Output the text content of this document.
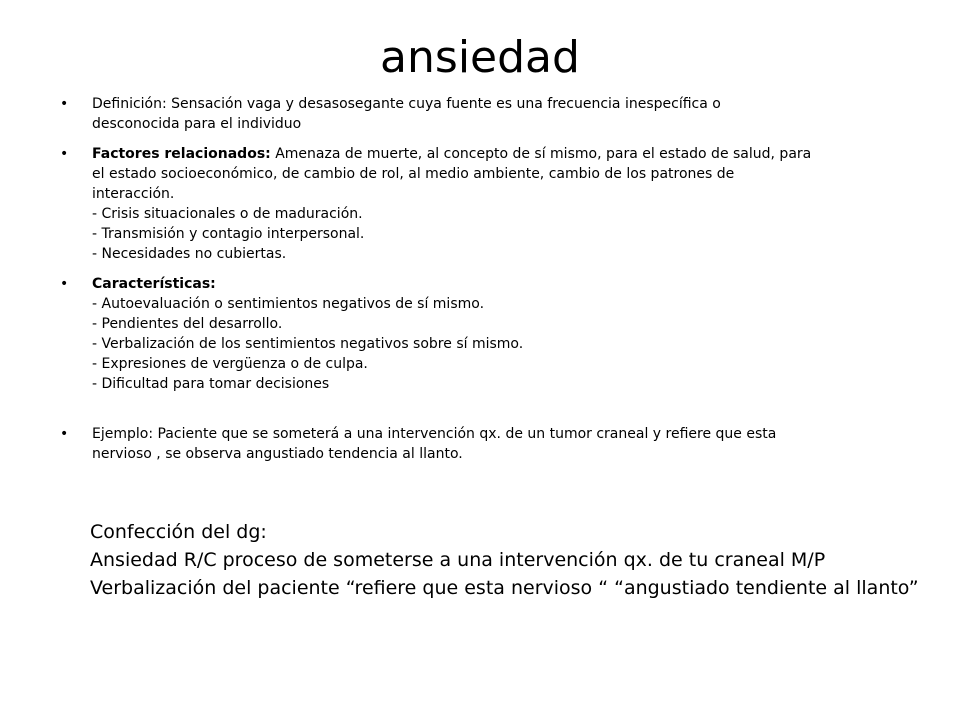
ansiedad
• Definición: Sensación vaga y desasosegante cuya fuente es una frecuencia inespecífica o
desconocida para el individuo
• Factores relacionados: Amenaza de muerte, al concepto de sí mismo, para el estado de salud, para
el estado socioeconómico, de cambio de rol, al medio ambiente, cambio de los patrones de
interacción.
- Crisis situacionales o de maduración.
- Transmisión y contagio interpersonal.
- Necesidades no cubiertas.
• Características:
- Autoevaluación o sentimientos negativos de sí mismo.
- Pendientes del desarrollo.
- Verbalización de los sentimientos negativos sobre sí mismo.
- Expresiones de vergüenza o de culpa.
- Dificultad para tomar decisiones
• Ejemplo: Paciente que se someterá a una intervención qx. de un tumor craneal y refiere que esta
nervioso , se observa angustiado tendencia al llanto.
Confección del dg:
Ansiedad R/C proceso de someterse a una intervención qx. de tu craneal M/P
Verbalización del paciente “refiere que esta nervioso “ “angustiado tendiente al llanto”
